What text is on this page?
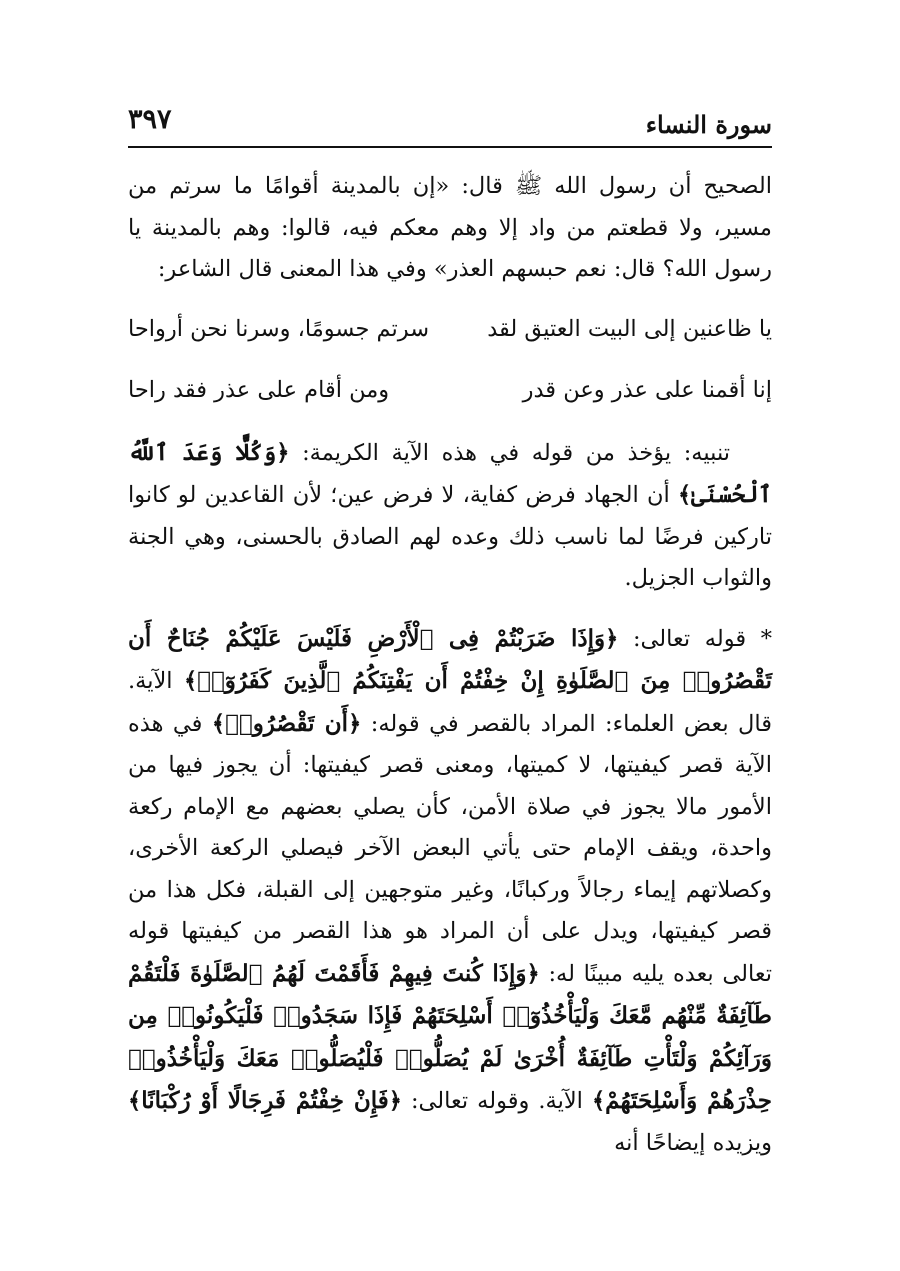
سورة النساء
٣٩٧

الصحيح أن رسول الله ﷺ قال: «إن بالمدينة أقوامًا ما سرتم من مسير، ولا قطعتم من واد إلا وهم معكم فيه، قالوا: وهم بالمدينة يا رسول الله؟ قال: نعم حبسهم العذر» وفي هذا المعنى قال الشاعر:

يا ظاعنين إلى البيت العتيق لقد
سرتم جسومًا، وسرنا نحن أرواحا
إنا أقمنا على عذر وعن قدر
ومن أقام على عذر فقد راحا

تنبيه: يؤخذ من قوله في هذه الآية الكريمة: ﴿وَكُلًّا وَعَدَ ٱللَّهُ ٱلْحُسْنَىٰ﴾ أن الجهاد فرض كفاية، لا فرض عين؛ لأن القاعدين لو كانوا تاركين فرضًا لما ناسب ذلك وعده لهم الصادق بالحسنى، وهي الجنة والثواب الجزيل.

* قوله تعالى: ﴿وَإِذَا ضَرَبْتُمْ فِى ٱلْأَرْضِ فَلَيْسَ عَلَيْكُمْ جُنَاحٌ أَن تَقْصُرُوا۟ مِنَ ٱلصَّلَوٰةِ إِنْ خِفْتُمْ أَن يَفْتِنَكُمُ ٱلَّذِينَ كَفَرُوٓا۟﴾ الآية. قال بعض العلماء: المراد بالقصر في قوله: ﴿أَن تَقْصُرُوا۟﴾ في هذه الآية قصر كيفيتها، لا كميتها، ومعنى قصر كيفيتها: أن يجوز فيها من الأمور مالا يجوز في صلاة الأمن، كأن يصلي بعضهم مع الإمام ركعة واحدة، ويقف الإمام حتى يأتي البعض الآخر فيصلي الركعة الأخرى، وكصلاتهم إيماء رجالاً وركبانًا، وغير متوجهين إلى القبلة، فكل هذا من قصر كيفيتها، ويدل على أن المراد هو هذا القصر من كيفيتها قوله تعالى بعده يليه مبينًا له: ﴿وَإِذَا كُنتَ فِيهِمْ فَأَقَمْتَ لَهُمُ ٱلصَّلَوٰةَ فَلْتَقُمْ طَآئِفَةٌ مِّنْهُم مَّعَكَ وَلْيَأْخُذُوٓا۟ أَسْلِحَتَهُمْ فَإِذَا سَجَدُوا۟ فَلْيَكُونُوا۟ مِن وَرَآئِكُمْ وَلْتَأْتِ طَآئِفَةٌ أُخْرَىٰ لَمْ يُصَلُّوا۟ فَلْيُصَلُّوا۟ مَعَكَ وَلْيَأْخُذُوا۟ حِذْرَهُمْ وَأَسْلِحَتَهُمْ﴾ الآية. وقوله تعالى: ﴿فَإِنْ خِفْتُمْ فَرِجَالًا أَوْ رُكْبَانًا﴾ ويزيده إيضاحًا أنه
